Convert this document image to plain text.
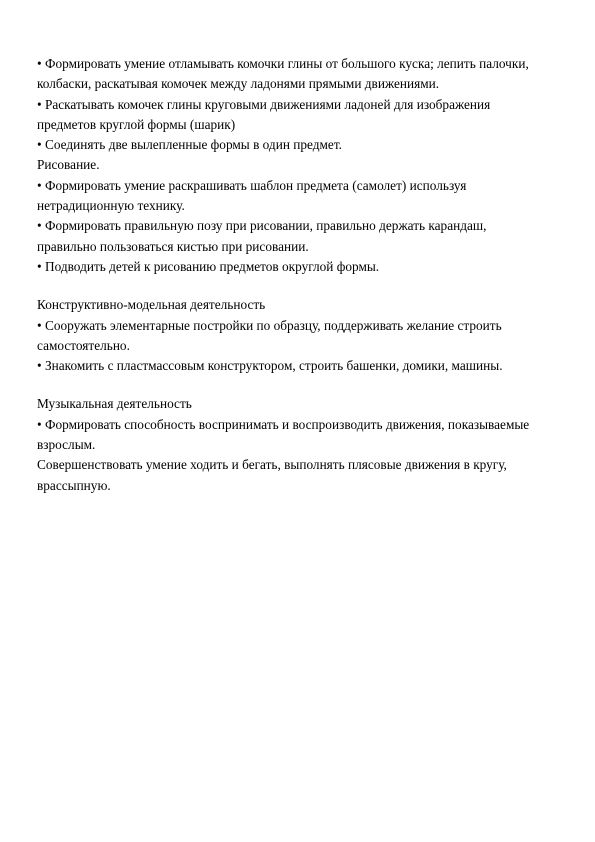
• Формировать умение отламывать комочки глины от большого куска; лепить палочки,
колбаски, раскатывая комочек между ладонями прямыми движениями.
• Раскатывать комочек глины круговыми движениями ладоней для изображения
предметов круглой формы (шарик)
• Соединять две вылепленные формы в один предмет.
Рисование.
• Формировать умение раскрашивать шаблон предмета (самолет) используя
нетрадиционную технику.
• Формировать правильную позу при рисовании, правильно держать карандаш,
правильно пользоваться кистью при рисовании.
• Подводить детей к рисованию предметов округлой формы.
Конструктивно-модельная деятельность
• Сооружать элементарные постройки по образцу, поддерживать желание строить
самостоятельно.
• Знакомить с пластмассовым конструктором, строить башенки, домики, машины.
Музыкальная деятельность
• Формировать способность воспринимать и воспроизводить движения, показываемые
взрослым.
Совершенствовать умение ходить и бегать, выполнять плясовые движения в кругу,
врассыпную.
